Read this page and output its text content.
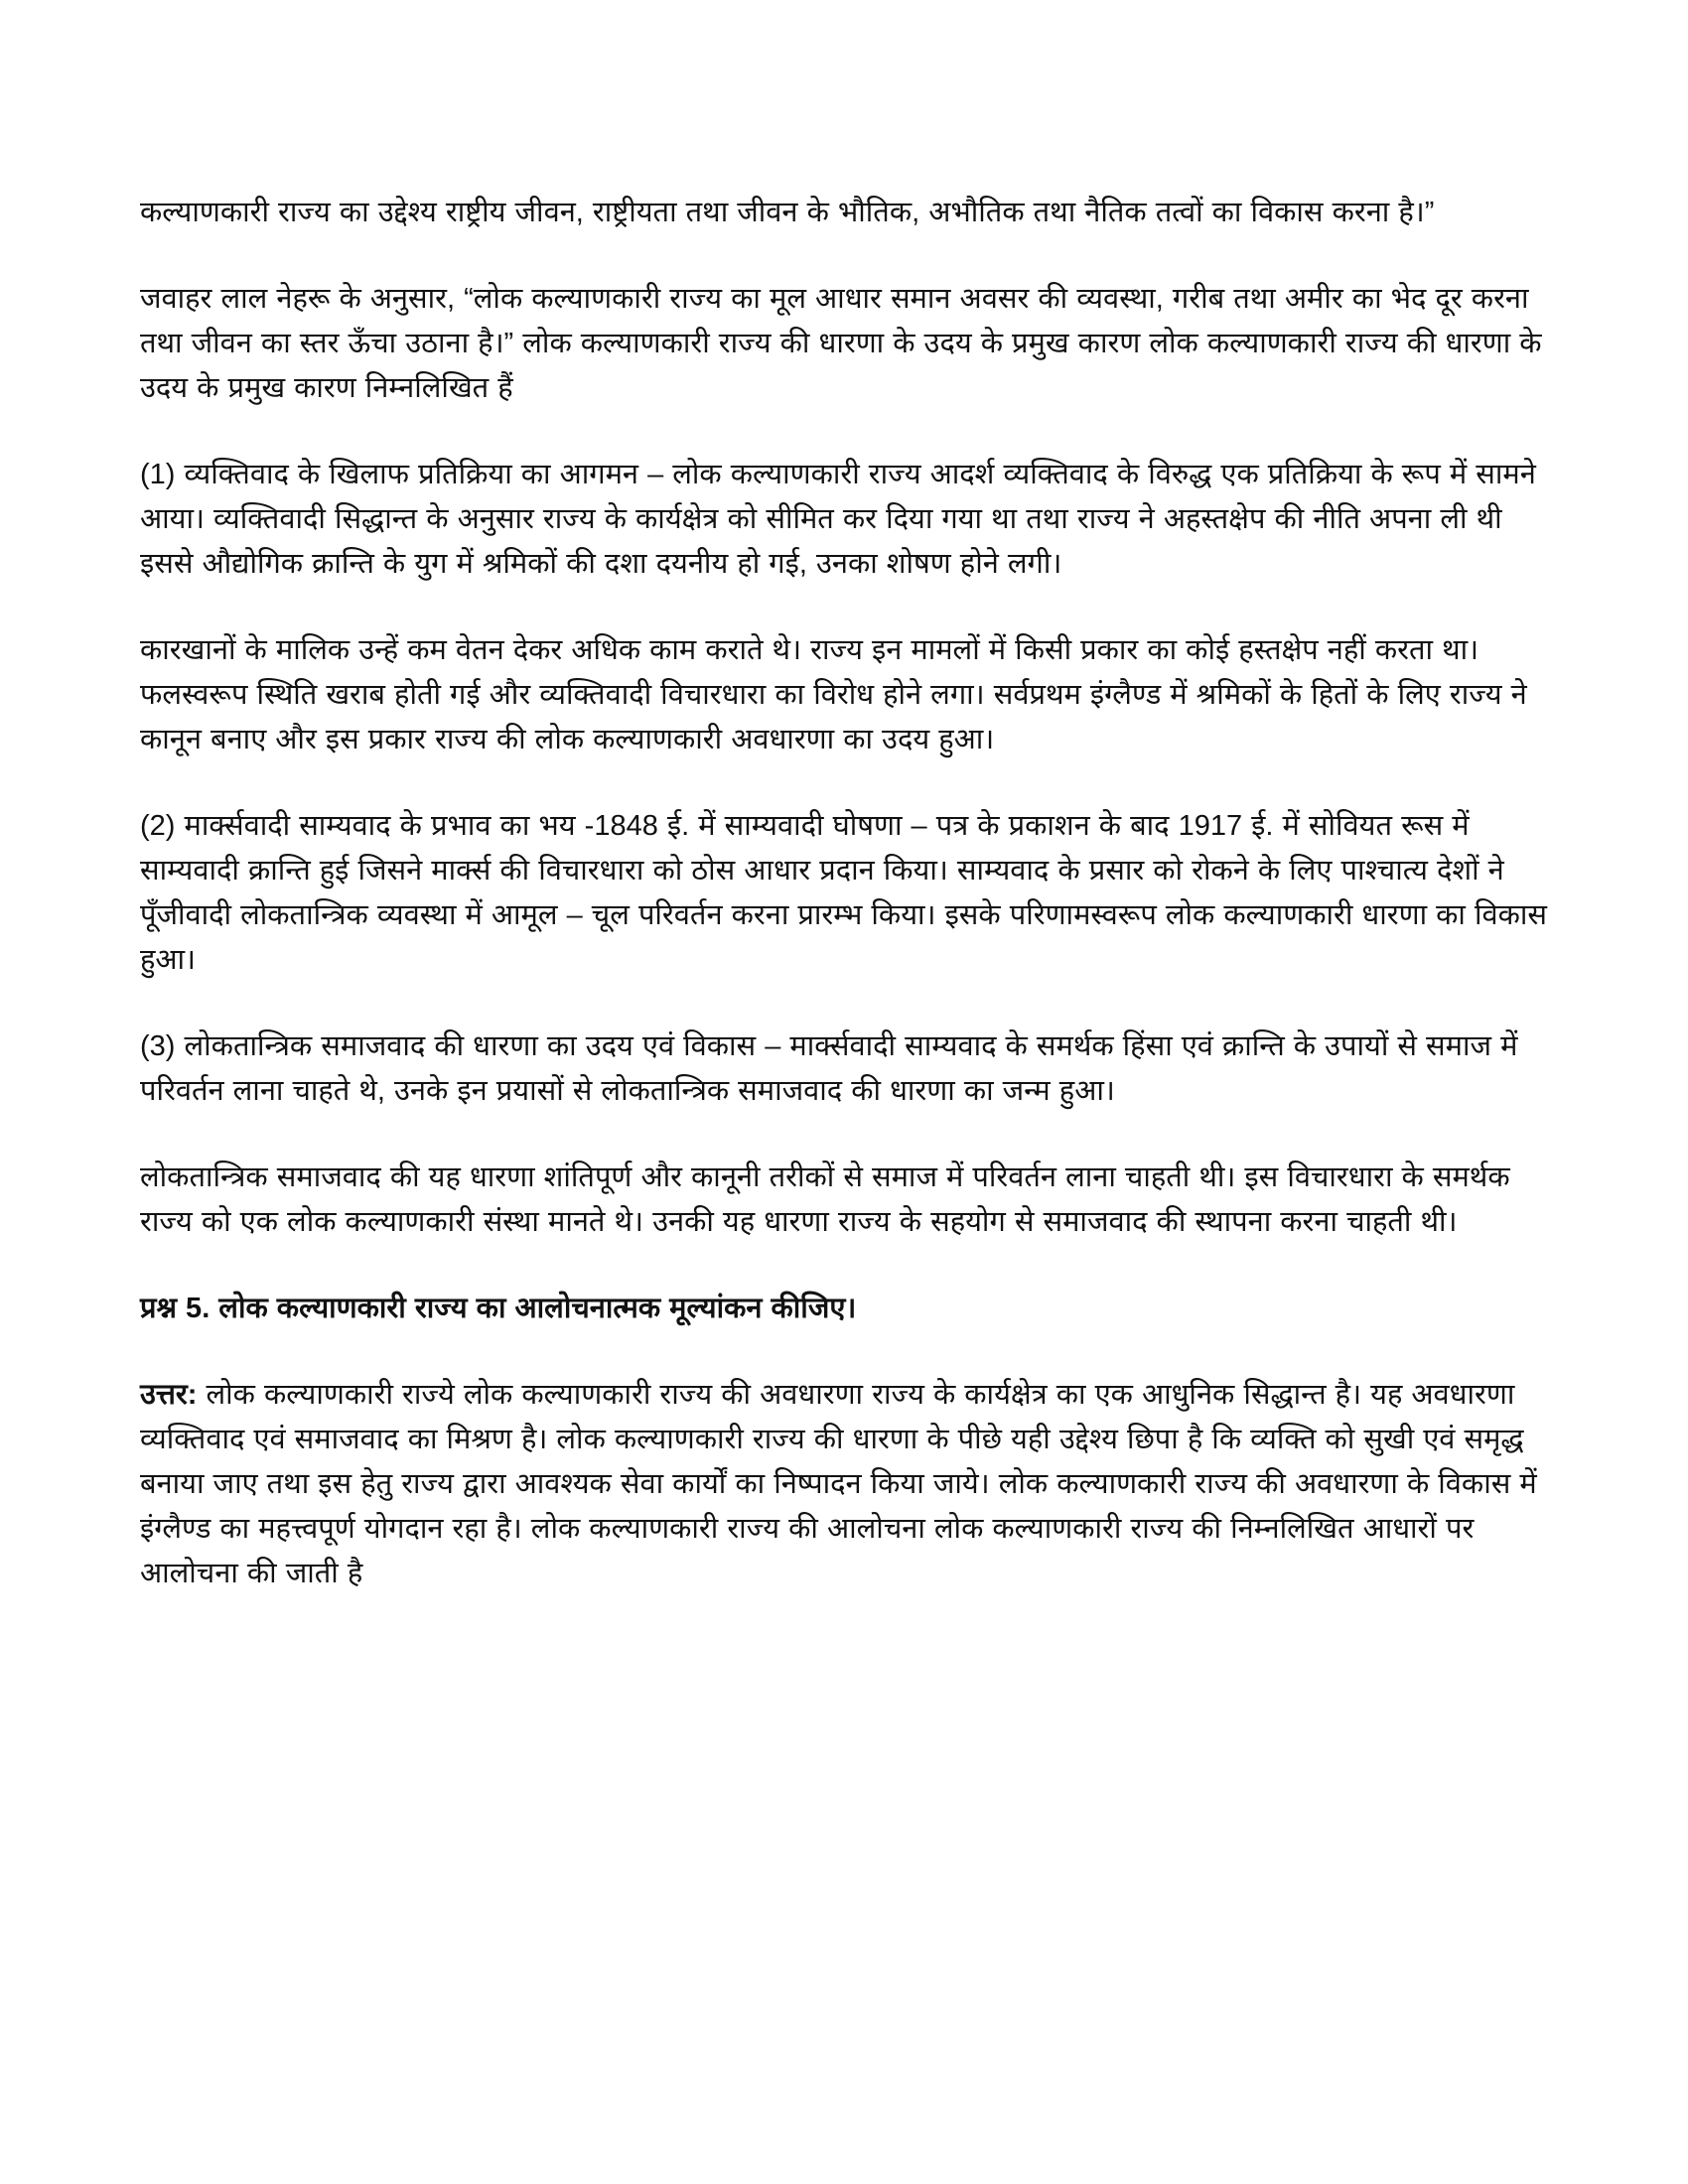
कल्याणकारी राज्य का उद्देश्य राष्ट्रीय जीवन, राष्ट्रीयता तथा जीवन के भौतिक, अभौतिक तथा नैतिक तत्वों का विकास करना है।”

जवाहर लाल नेहरू के अनुसार, “लोक कल्याणकारी राज्य का मूल आधार समान अवसर की व्यवस्था, गरीब तथा अमीर का भेद दूर करना तथा जीवन का स्तर ऊँचा उठाना है।” लोक कल्याणकारी राज्य की धारणा के उदय के प्रमुख कारण लोक कल्याणकारी राज्य की धारणा के उदय के प्रमुख कारण निम्नलिखित हैं

(1) व्यक्तिवाद के खिलाफ प्रतिक्रिया का आगमन – लोक कल्याणकारी राज्य आदर्श व्यक्तिवाद के विरुद्ध एक प्रतिक्रिया के रूप में सामने आया। व्यक्तिवादी सिद्धान्त के अनुसार राज्य के कार्यक्षेत्र को सीमित कर दिया गया था तथा राज्य ने अहस्तक्षेप की नीति अपना ली थी इससे औद्योगिक क्रान्ति के युग में श्रमिकों की दशा दयनीय हो गई, उनका शोषण होने लगी।

कारखानों के मालिक उन्हें कम वेतन देकर अधिक काम कराते थे। राज्य इन मामलों में किसी प्रकार का कोई हस्तक्षेप नहीं करता था। फलस्वरूप स्थिति खराब होती गई और व्यक्तिवादी विचारधारा का विरोध होने लगा। सर्वप्रथम इंग्लैण्ड में श्रमिकों के हितों के लिए राज्य ने कानून बनाए और इस प्रकार राज्य की लोक कल्याणकारी अवधारणा का उदय हुआ।

(2) मार्क्सवादी साम्यवाद के प्रभाव का भय -1848 ई. में साम्यवादी घोषणा – पत्र के प्रकाशन के बाद 1917 ई. में सोवियत रूस में साम्यवादी क्रान्ति हुई जिसने मार्क्स की विचारधारा को ठोस आधार प्रदान किया। साम्यवाद के प्रसार को रोकने के लिए पाश्चात्य देशों ने पूँजीवादी लोकतान्त्रिक व्यवस्था में आमूल – चूल परिवर्तन करना प्रारम्भ किया। इसके परिणामस्वरूप लोक कल्याणकारी धारणा का विकास हुआ।

(3) लोकतान्त्रिक समाजवाद की धारणा का उदय एवं विकास – मार्क्सवादी साम्यवाद के समर्थक हिंसा एवं क्रान्ति के उपायों से समाज में परिवर्तन लाना चाहते थे, उनके इन प्रयासों से लोकतान्त्रिक समाजवाद की धारणा का जन्म हुआ।

लोकतान्त्रिक समाजवाद की यह धारणा शांतिपूर्ण और कानूनी तरीकों से समाज में परिवर्तन लाना चाहती थी। इस विचारधारा के समर्थक राज्य को एक लोक कल्याणकारी संस्था मानते थे। उनकी यह धारणा राज्य के सहयोग से समाजवाद की स्थापना करना चाहती थी।

प्रश्न 5. लोक कल्याणकारी राज्य का आलोचनात्मक मूल्यांकन कीजिए।

उत्तर: लोक कल्याणकारी राज्ये लोक कल्याणकारी राज्य की अवधारणा राज्य के कार्यक्षेत्र का एक आधुनिक सिद्धान्त है। यह अवधारणा व्यक्तिवाद एवं समाजवाद का मिश्रण है। लोक कल्याणकारी राज्य की धारणा के पीछे यही उद्देश्य छिपा है कि व्यक्ति को सुखी एवं समृद्ध बनाया जाए तथा इस हेतु राज्य द्वारा आवश्यक सेवा कार्यों का निष्पादन किया जाये। लोक कल्याणकारी राज्य की अवधारणा के विकास में इंग्लैण्ड का महत्त्वपूर्ण योगदान रहा है। लोक कल्याणकारी राज्य की आलोचना लोक कल्याणकारी राज्य की निम्नलिखित आधारों पर आलोचना की जाती है
